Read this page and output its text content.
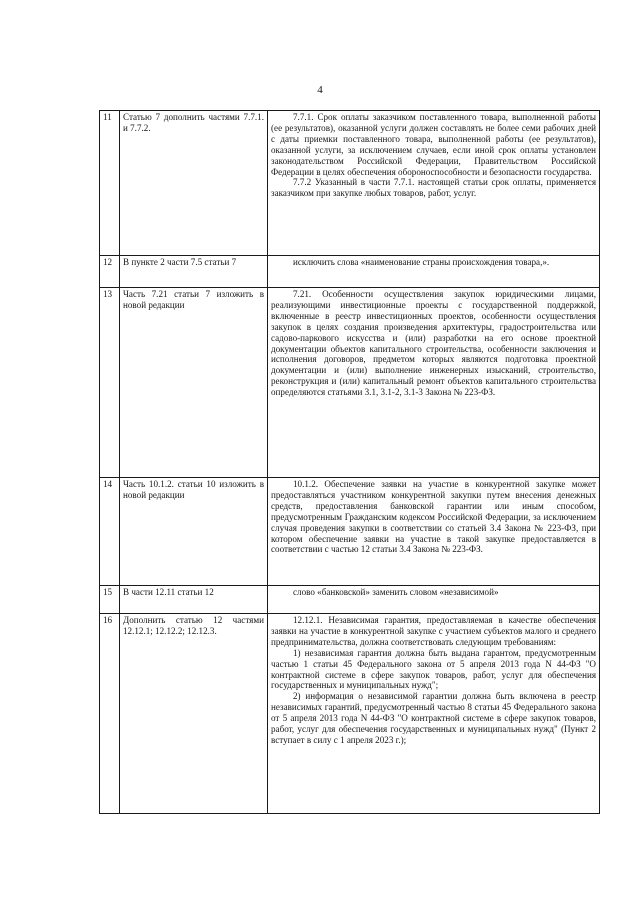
4
11	Статью 7 дополнить частями 7.7.1. и 7.7.2.	7.7.1. Срок оплаты заказчиком поставленного товара, выполненной работы (ее результатов), оказанной услуги должен составлять не более семи рабочих дней с даты приемки поставленного товара, выполненной работы (ее результатов), оказанной услуги, за исключением случаев, если иной срок оплаты установлен законодательством Российской Федерации, Правительством Российской Федерации в целях обеспечения обороноспособности и безопасности государства.
7.7.2 Указанный в части 7.7.1. настоящей статьи срок оплаты, применяется заказчиком при закупке любых товаров, работ, услуг.

12	В пункте 2 части 7.5 статьи 7	исключить слова «наименование страны происхождения товара,».

13	Часть 7.21 статьи 7 изложить в новой редакции	7.21. Особенности осуществления закупок юридическими лицами, реализующими инвестиционные проекты с государственной поддержкой, включенные в реестр инвестиционных проектов, особенности осуществления закупок в целях создания произведения архитектуры, градостроительства или садово-паркового искусства и (или) разработки на его основе проектной документации объектов капитального строительства, особенности заключения и исполнения договоров, предметом которых являются подготовка проектной документации и (или) выполнение инженерных изысканий, строительство, реконструкция и (или) капитальный ремонт объектов капитального строительства определяются статьями 3.1, 3.1-2, 3.1-3 Закона № 223-ФЗ.

14	Часть 10.1.2. статьи 10 изложить в новой редакции	10.1.2. Обеспечение заявки на участие в конкурентной закупке может предоставляться участником конкурентной закупки путем внесения денежных средств, предоставления банковской гарантии или иным способом, предусмотренным Гражданским кодексом Российской Федерации, за исключением случая проведения закупки в соответствии со статьей 3.4 Закона № 223-ФЗ, при котором обеспечение заявки на участие в такой закупке предоставляется в соответствии с частью 12 статьи 3.4 Закона № 223-ФЗ.

15	В части 12.11 статьи 12	слово «банковской» заменить словом «независимой»

16	Дополнить статью 12 частями 12.12.1; 12.12.2; 12.12.3.	12.12.1. Независимая гарантия, предоставляемая в качестве обеспечения заявки на участие в конкурентной закупке с участием субъектов малого и среднего предпринимательства, должна соответствовать следующим требованиям:
1) независимая гарантия должна быть выдана гарантом, предусмотренным частью 1 статьи 45 Федерального закона от 5 апреля 2013 года N 44-ФЗ "О контрактной системе в сфере закупок товаров, работ, услуг для обеспечения государственных и муниципальных нужд";
2) информация о независимой гарантии должна быть включена в реестр независимых гарантий, предусмотренный частью 8 статьи 45 Федерального закона от 5 апреля 2013 года N 44-ФЗ "О контрактной системе в сфере закупок товаров, работ, услуг для обеспечения государственных и муниципальных нужд" (Пункт 2 вступает в силу с 1 апреля 2023 г.);
